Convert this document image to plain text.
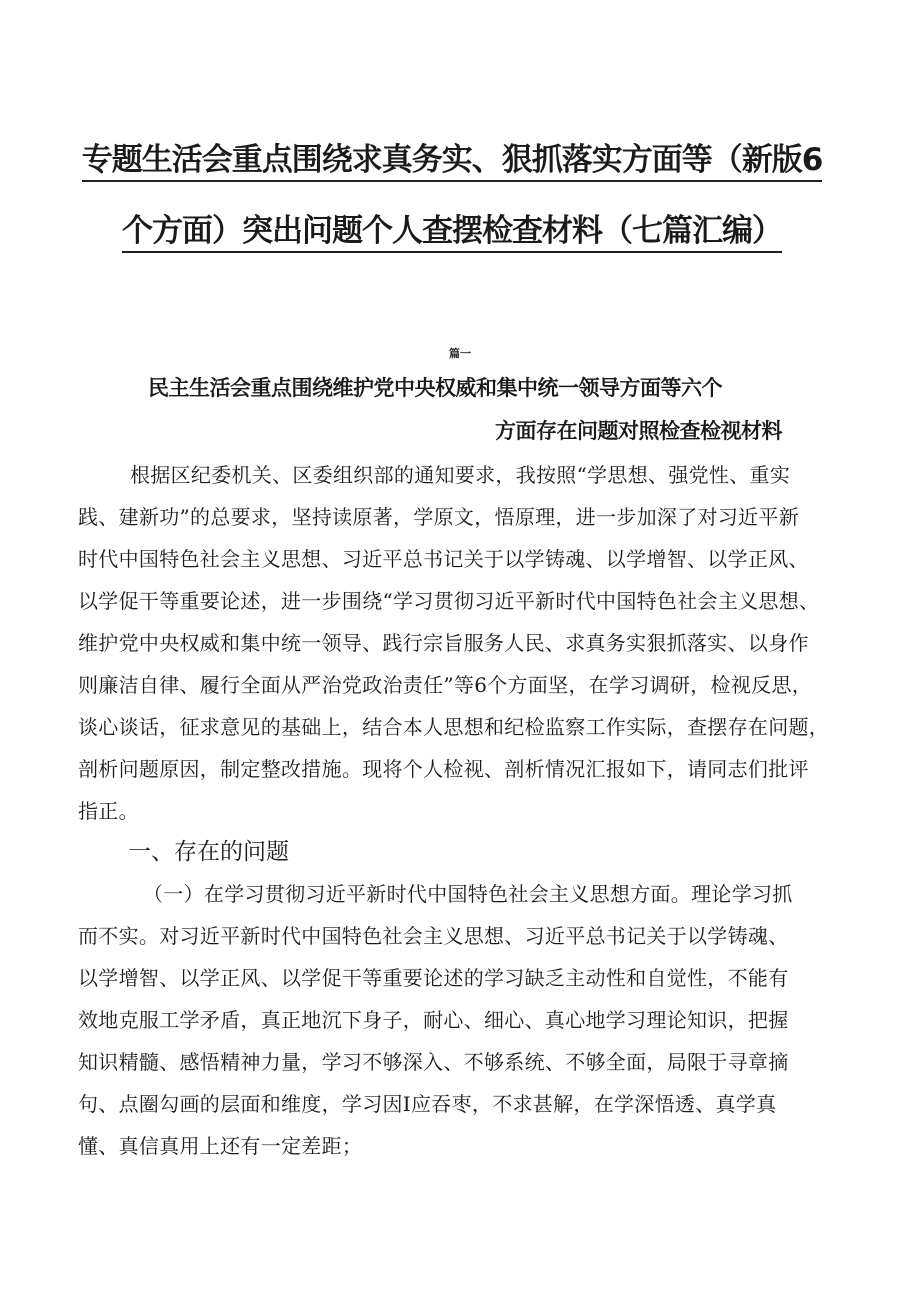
专题生活会重点围绕求真务实、狠抓落实方面等（新版6
个方面）突出问题个人查摆检查材料（七篇汇编）
篇一
民主生活会重点围绕维护党中央权威和集中统一领导方面等六个
方面存在问题对照检查检视材料
根据区纪委机关、区委组织部的通知要求，我按照“学思想、强党性、重实
践、建新功”的总要求，坚持读原著，学原文，悟原理，进一步加深了对习近平新
时代中国特色社会主义思想、习近平总书记关于以学铸魂、以学增智、以学正风、
以学促干等重要论述，进一步围绕“学习贯彻习近平新时代中国特色社会主义思想、
维护党中央权威和集中统一领导、践行宗旨服务人民、求真务实狠抓落实、以身作
则廉洁自律、履行全面从严治党政治责任”等6个方面坚，在学习调研，检视反思，
谈心谈话，征求意见的基础上，结合本人思想和纪检监察工作实际，查摆存在问题，
剖析问题原因，制定整改措施。现将个人检视、剖析情况汇报如下，请同志们批评
指正。
一、存在的问题
（一）在学习贯彻习近平新时代中国特色社会主义思想方面。理论学习抓
而不实。对习近平新时代中国特色社会主义思想、习近平总书记关于以学铸魂、
以学增智、以学正风、以学促干等重要论述的学习缺乏主动性和自觉性，不能有
效地克服工学矛盾，真正地沉下身子，耐心、细心、真心地学习理论知识，把握
知识精髓、感悟精神力量，学习不够深入、不够系统、不够全面，局限于寻章摘
句、点圈勾画的层面和维度，学习因I应吞枣，不求甚解，在学深悟透、真学真
懂、真信真用上还有一定差距；
